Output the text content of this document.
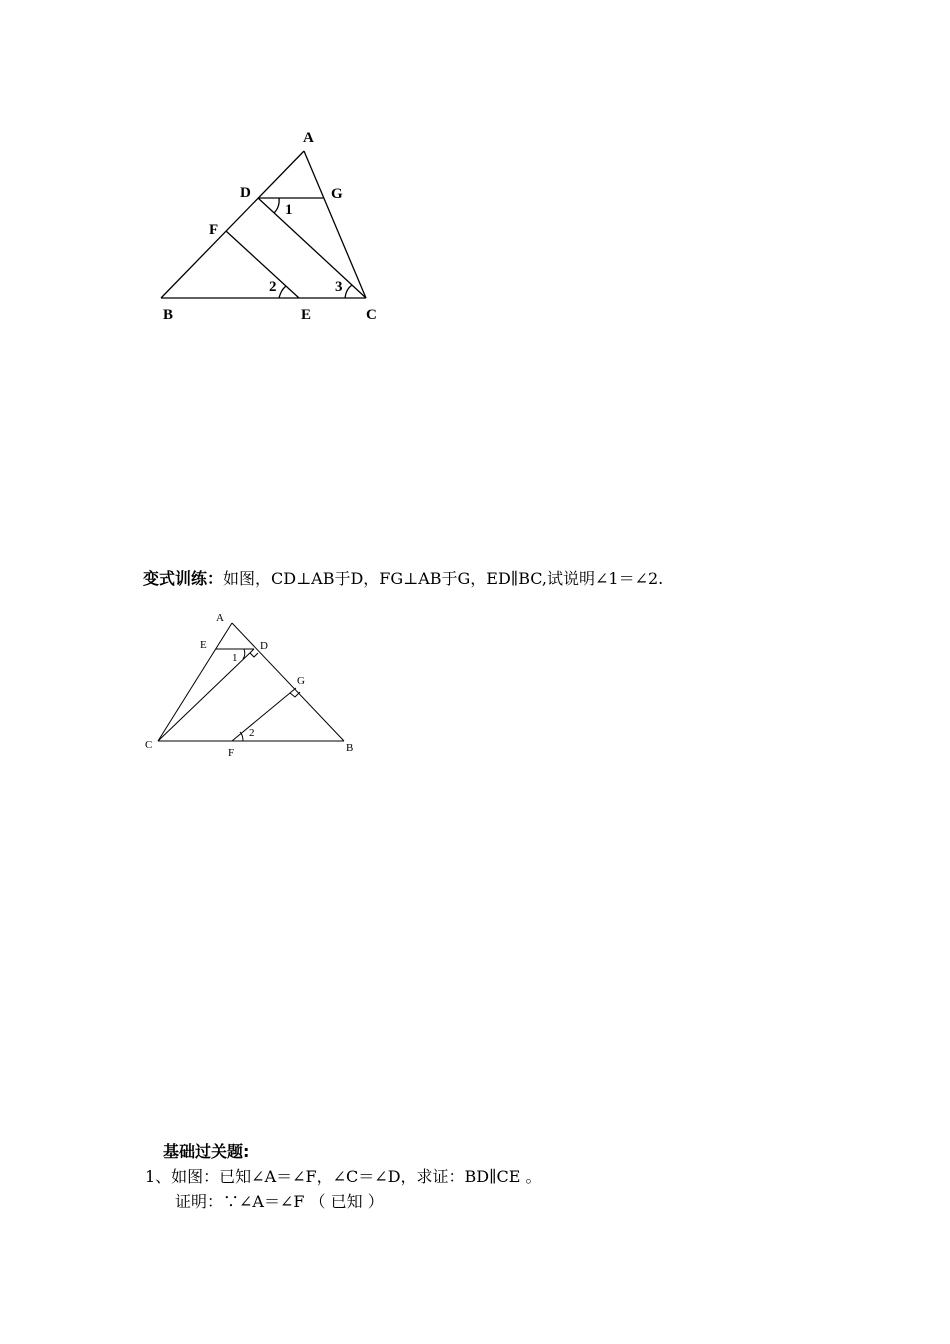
A
D	G
1
F
2	3
B	E	C
变式训练：如图，CD⊥AB于D，FG⊥AB于G，ED∥BC,试说明∠1＝∠2.
A
E	D
1
G
2
C
F	B
基础过关题:
1、如图：已知∠A＝∠F，∠C＝∠D，求证：BD∥CE 。
证明：∵∠A＝∠F （ 已知 ）
